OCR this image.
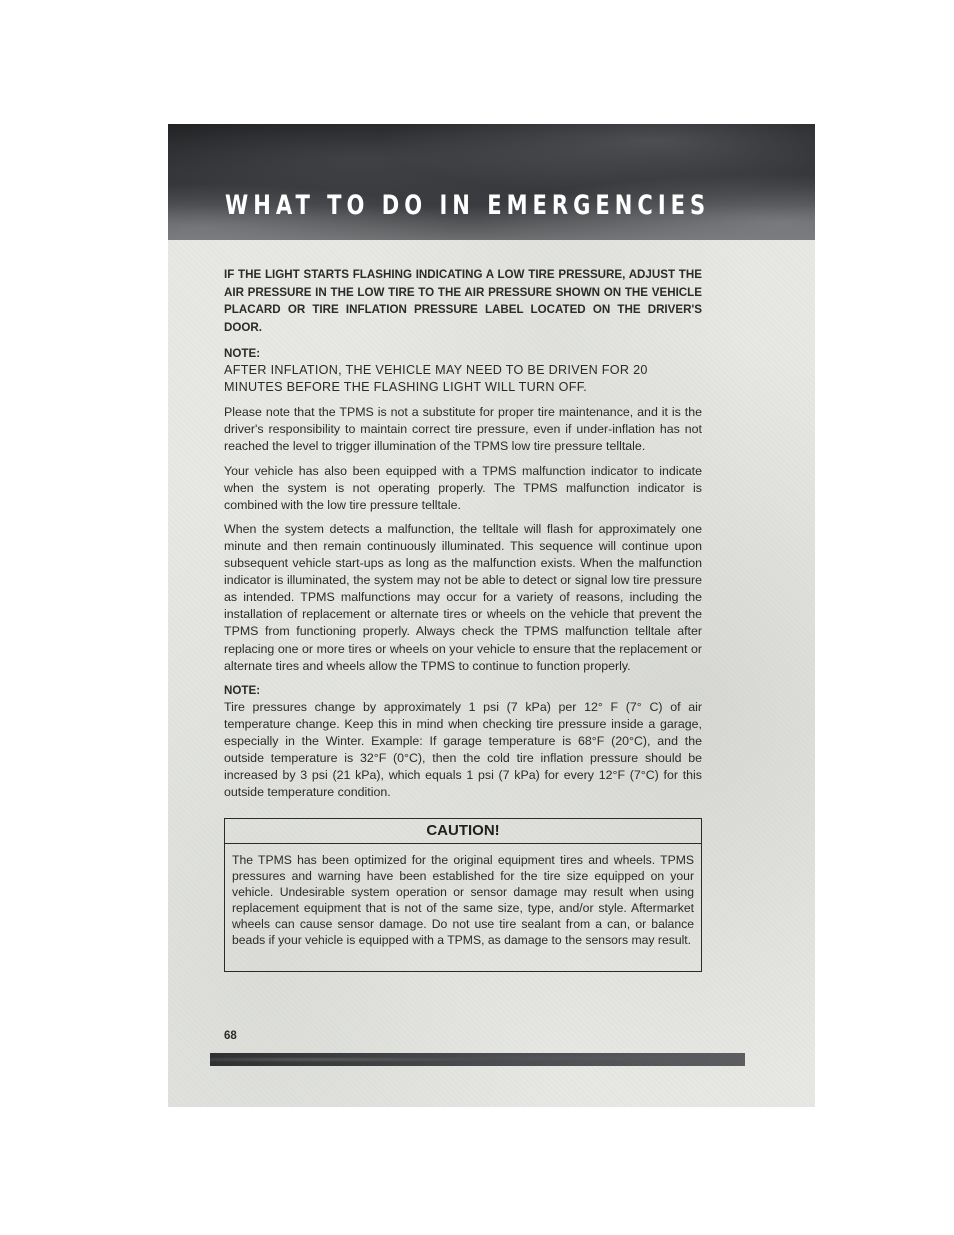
WHAT TO DO IN EMERGENCIES

IF THE LIGHT STARTS FLASHING INDICATING A LOW TIRE PRESSURE, ADJUST THE AIR PRESSURE IN THE LOW TIRE TO THE AIR PRESSURE SHOWN ON THE VEHICLE PLACARD OR TIRE INFLATION PRESSURE LABEL LOCATED ON THE DRIVER'S DOOR.

NOTE:

AFTER INFLATION, THE VEHICLE MAY NEED TO BE DRIVEN FOR 20 MINUTES BEFORE THE FLASHING LIGHT WILL TURN OFF.

Please note that the TPMS is not a substitute for proper tire maintenance, and it is the driver's responsibility to maintain correct tire pressure, even if under-inflation has not reached the level to trigger illumination of the TPMS low tire pressure telltale.

Your vehicle has also been equipped with a TPMS malfunction indicator to indicate when the system is not operating properly. The TPMS malfunction indicator is combined with the low tire pressure telltale.

When the system detects a malfunction, the telltale will flash for approximately one minute and then remain continuously illuminated. This sequence will continue upon subsequent vehicle start-ups as long as the malfunction exists. When the malfunction indicator is illuminated, the system may not be able to detect or signal low tire pressure as intended. TPMS malfunctions may occur for a variety of reasons, including the installation of replacement or alternate tires or wheels on the vehicle that prevent the TPMS from functioning properly. Always check the TPMS malfunction telltale after replacing one or more tires or wheels on your vehicle to ensure that the replacement or alternate tires and wheels allow the TPMS to continue to function properly.

NOTE:

Tire pressures change by approximately 1 psi (7 kPa) per 12° F (7° C) of air temperature change. Keep this in mind when checking tire pressure inside a garage, especially in the Winter. Example: If garage temperature is 68°F (20°C), and the outside temperature is 32°F (0°C), then the cold tire inflation pressure should be increased by 3 psi (21 kPa), which equals 1 psi (7 kPa) for every 12°F (7°C) for this outside temperature condition.

CAUTION!
The TPMS has been optimized for the original equipment tires and wheels. TPMS pressures and warning have been established for the tire size equipped on your vehicle. Undesirable system operation or sensor damage may result when using replacement equipment that is not of the same size, type, and/or style. Aftermarket wheels can cause sensor damage. Do not use tire sealant from a can, or balance beads if your vehicle is equipped with a TPMS, as damage to the sensors may result.
68
